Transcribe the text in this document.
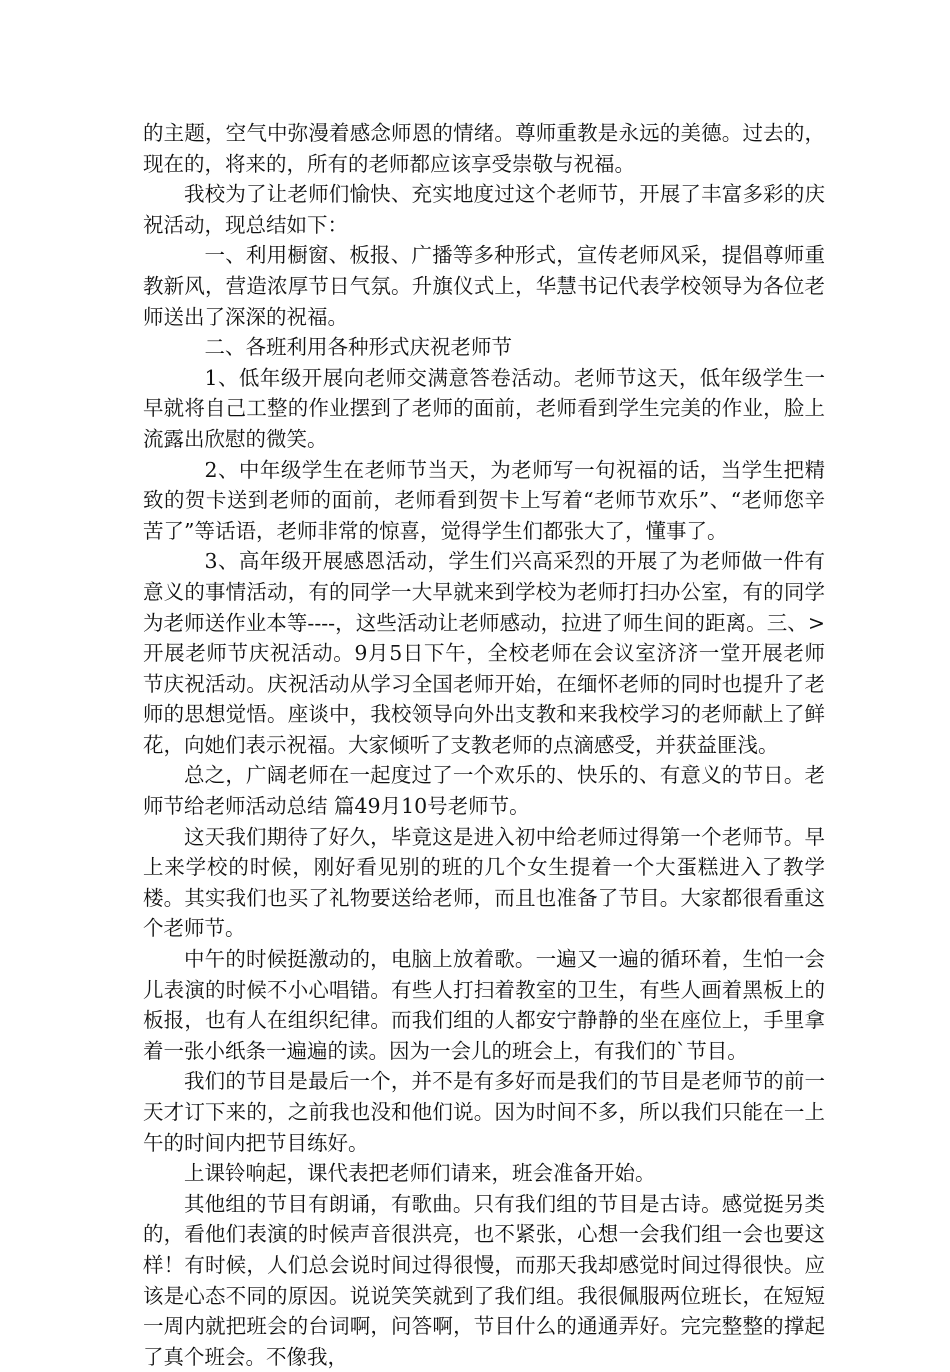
的主题，空气中弥漫着感念师恩的情绪。尊师重教是永远的美德。过去的，现在的，将来的，所有的老师都应该享受崇敬与祝福。

我校为了让老师们愉快、充实地度过这个老师节，开展了丰富多彩的庆祝活动，现总结如下：

一、利用橱窗、板报、广播等多种形式，宣传老师风采，提倡尊师重教新风，营造浓厚节日气氛。升旗仪式上，华慧书记代表学校领导为各位老师送出了深深的祝福。

二、各班利用各种形式庆祝老师节

1、低年级开展向老师交满意答卷活动。老师节这天，低年级学生一早就将自己工整的作业摆到了老师的面前，老师看到学生完美的作业，脸上流露出欣慰的微笑。

2、中年级学生在老师节当天，为老师写一句祝福的话，当学生把精致的贺卡送到老师的面前，老师看到贺卡上写着“老师节欢乐”、“老师您辛苦了”等话语，老师非常的惊喜，觉得学生们都张大了，懂事了。

3、高年级开展感恩活动，学生们兴高采烈的开展了为老师做一件有意义的事情活动，有的同学一大早就来到学校为老师打扫办公室，有的同学为老师送作业本等----，这些活动让老师感动，拉进了师生间的距离。三、>开展老师节庆祝活动。9月5日下午，全校老师在会议室济济一堂开展老师节庆祝活动。庆祝活动从学习全国老师开始，在缅怀老师的同时也提升了老师的思想觉悟。座谈中，我校领导向外出支教和来我校学习的老师献上了鲜花，向她们表示祝福。大家倾听了支教老师的点滴感受，并获益匪浅。

总之，广阔老师在一起度过了一个欢乐的、快乐的、有意义的节日。老师节给老师活动总结 篇49月10号老师节。

这天我们期待了好久，毕竟这是进入初中给老师过得第一个老师节。早上来学校的时候，刚好看见别的班的几个女生提着一个大蛋糕进入了教学楼。其实我们也买了礼物要送给老师，而且也准备了节目。大家都很看重这个老师节。

中午的时候挺激动的，电脑上放着歌。一遍又一遍的循环着，生怕一会儿表演的时候不小心唱错。有些人打扫着教室的卫生，有些人画着黑板上的板报，也有人在组织纪律。而我们组的人都安宁静静的坐在座位上，手里拿着一张小纸条一遍遍的读。因为一会儿的班会上，有我们的`节目。

我们的节目是最后一个，并不是有多好而是我们的节目是老师节的前一天才订下来的，之前我也没和他们说。因为时间不多，所以我们只能在一上午的时间内把节目练好。

上课铃响起，课代表把老师们请来，班会准备开始。

其他组的节目有朗诵，有歌曲。只有我们组的节目是古诗。感觉挺另类的，看他们表演的时候声音很洪亮，也不紧张，心想一会我们组一会也要这样！有时候，人们总会说时间过得很慢，而那天我却感觉时间过得很快。应该是心态不同的原因。说说笑笑就到了我们组。我很佩服两位班长，在短短一周内就把班会的台词啊，问答啊，节目什么的通通弄好。完完整整的撑起了真个班会。不像我，
